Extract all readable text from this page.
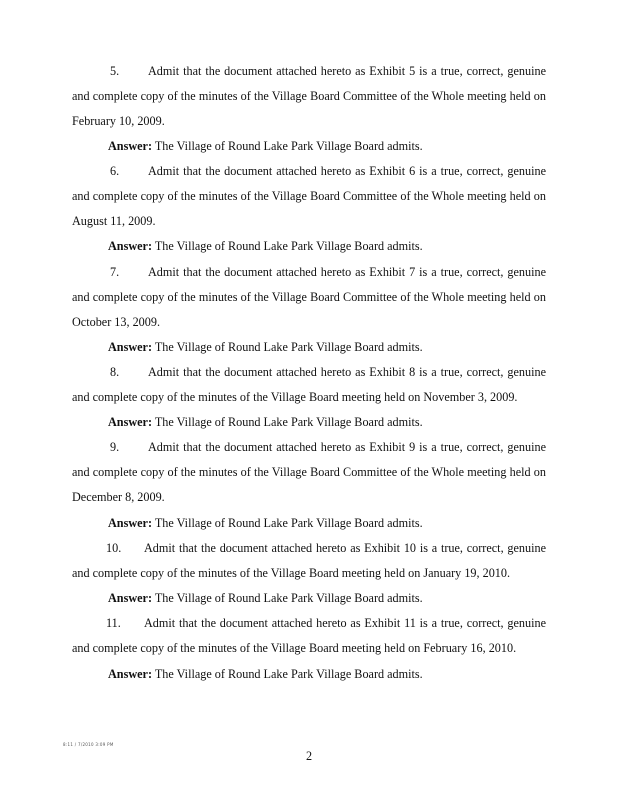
5. Admit that the document attached hereto as Exhibit 5 is a true, correct, genuine
and complete copy of the minutes of the Village Board Committee of the Whole meeting held on
February 10, 2009.
Answer: The Village of Round Lake Park Village Board admits.
6. Admit that the document attached hereto as Exhibit 6 is a true, correct, genuine
and complete copy of the minutes of the Village Board Committee of the Whole meeting held on
August 11, 2009.
Answer: The Village of Round Lake Park Village Board admits.
7. Admit that the document attached hereto as Exhibit 7 is a true, correct, genuine
and complete copy of the minutes of the Village Board Committee of the Whole meeting held on
October 13, 2009.
Answer: The Village of Round Lake Park Village Board admits.
8. Admit that the document attached hereto as Exhibit 8 is a true, correct, genuine
and complete copy of the minutes of the Village Board meeting held on November 3, 2009.
Answer: The Village of Round Lake Park Village Board admits.
9. Admit that the document attached hereto as Exhibit 9 is a true, correct, genuine
and complete copy of the minutes of the Village Board Committee of the Whole meeting held on
December 8, 2009.
Answer: The Village of Round Lake Park Village Board admits.
10. Admit that the document attached hereto as Exhibit 10 is a true, correct, genuine
and complete copy of the minutes of the Village Board meeting held on January 19, 2010.
Answer: The Village of Round Lake Park Village Board admits.
11. Admit that the document attached hereto as Exhibit 11 is a true, correct, genuine
and complete copy of the minutes of the Village Board meeting held on February 16, 2010.
Answer: The Village of Round Lake Park Village Board admits.
8:11 / 7/2010 3:09 PM
2
